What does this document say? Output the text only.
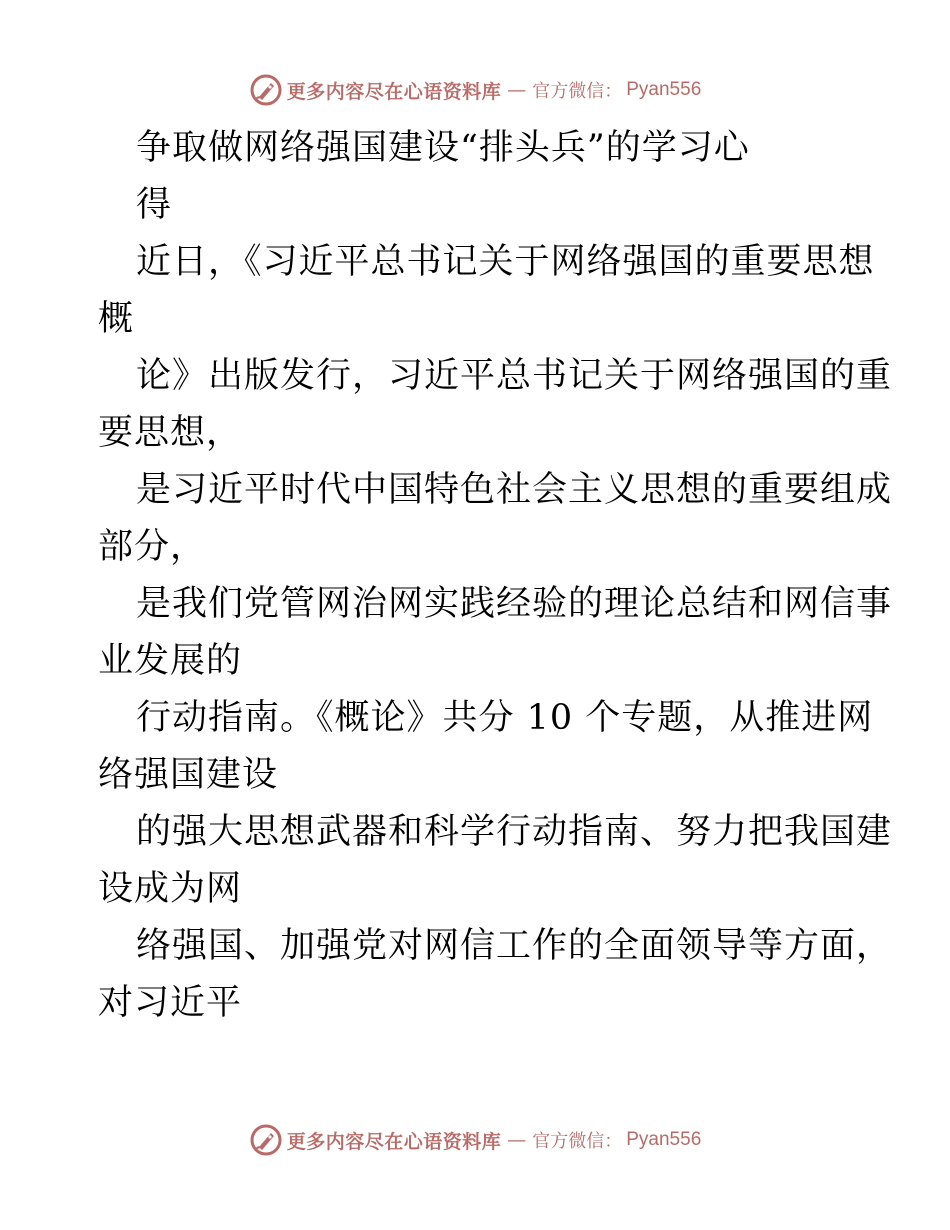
更多内容尽在心语资料库 — 官方微信： Pyan556
争取做网络强国建设“排头兵”的学习心
得
近日，《习近平总书记关于网络强国的重要思想
概
论》出版发行，习近平总书记关于网络强国的重
要思想，
是习近平时代中国特色社会主义思想的重要组成
部分，
是我们党管网治网实践经验的理论总结和网信事
业发展的
行动指南。《概论》共分 10 个专题，从推进网
络强国建设
的强大思想武器和科学行动指南、努力把我国建
设成为网
络强国、加强党对网信工作的全面领导等方面，
对习近平
更多内容尽在心语资料库 — 官方微信： Pyan556
